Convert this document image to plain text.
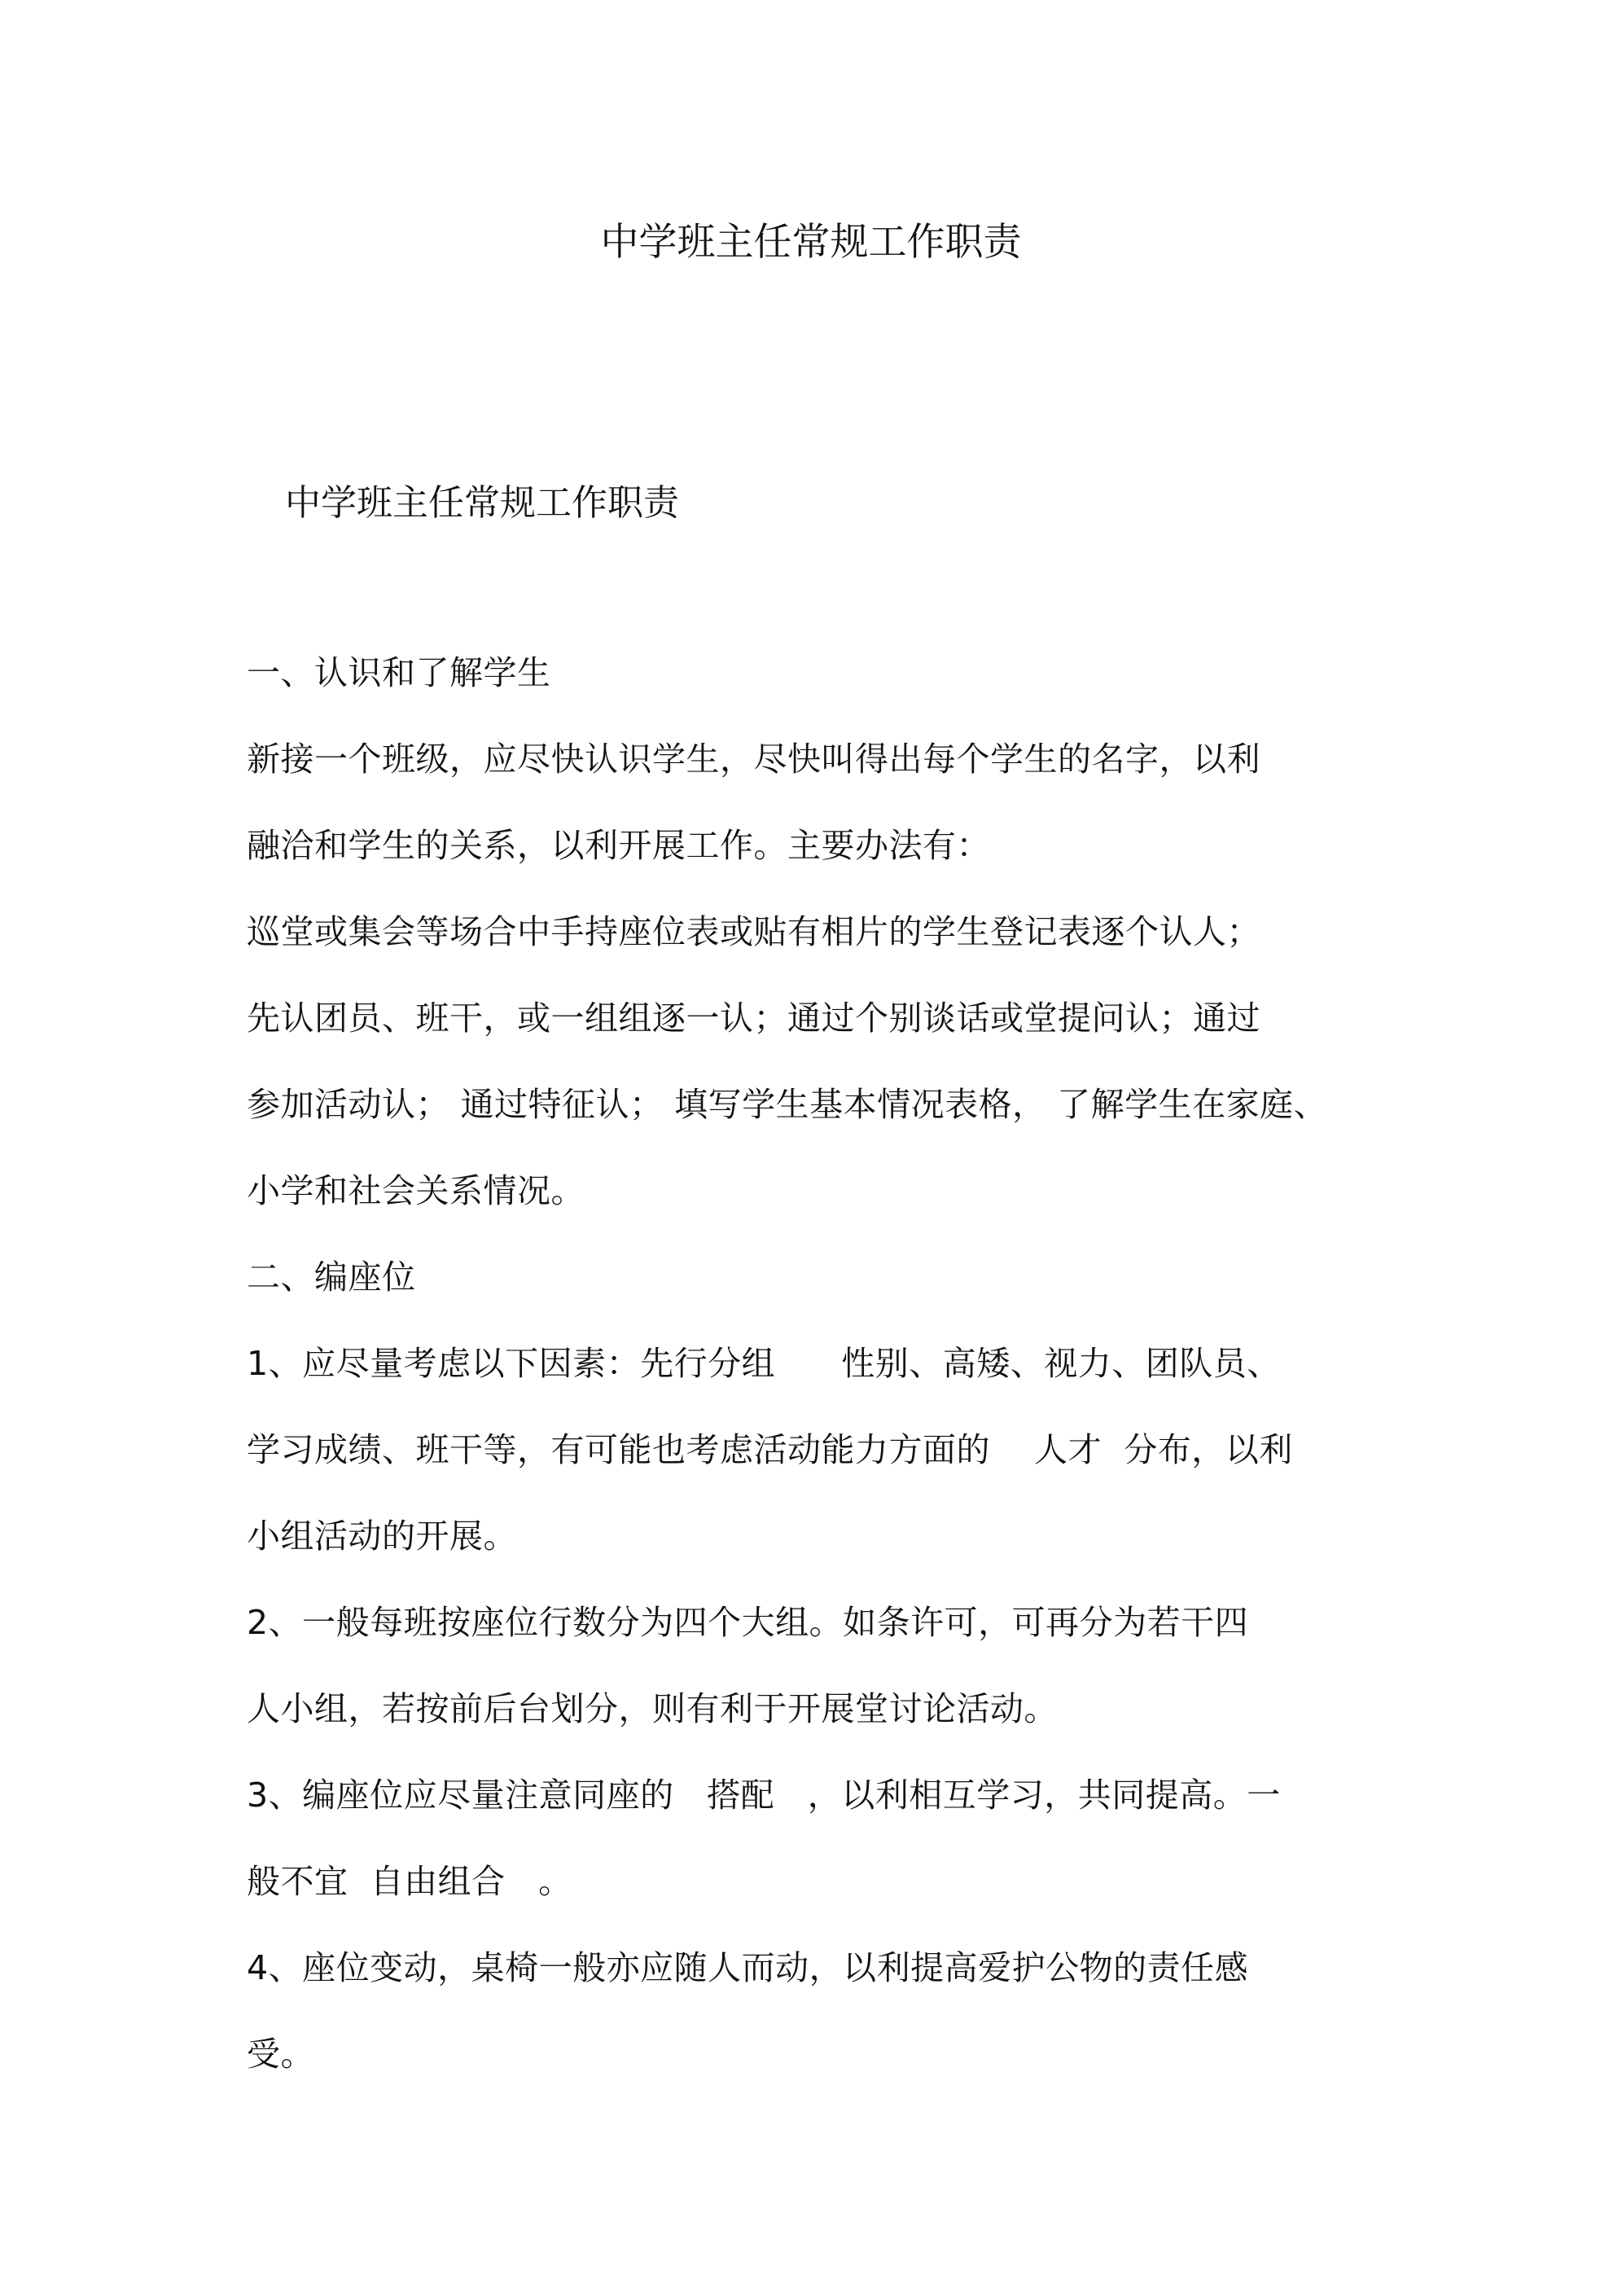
中学班主任常规工作职责
中学班主任常规工作职责
一、认识和了解学生
新接一个班级，应尽快认识学生，尽快叫得出每个学生的名字，以利
融洽和学生的关系，以利开展工作。主要办法有：
巡堂或集会等场合中手持座位表或贴有相片的学生登记表逐个认人；
先认团员、班干，或一组组逐一认；通过个别谈话或堂提问认；通过
参加活动认； 通过特征认； 填写学生基本情况表格， 了解学生在家庭、
小学和社会关系情况。
二、编座位
1、应尽量考虑以下因素：先行分组      性别、高矮、视力、团队员、
学习成绩、班干等，有可能也考虑活动能力方面的    人才  分布，以利
小组活动的开展。
2、一般每班按座位行数分为四个大组。如条许可，可再分为若干四
人小组，若按前后台划分，则有利于开展堂讨论活动。
3、编座位应尽量注意同座的   搭配   ，以利相互学习，共同提高。一
般不宜  自由组合   。
4、座位变动，桌椅一般亦应随人而动，以利提高爱护公物的责任感
受。
